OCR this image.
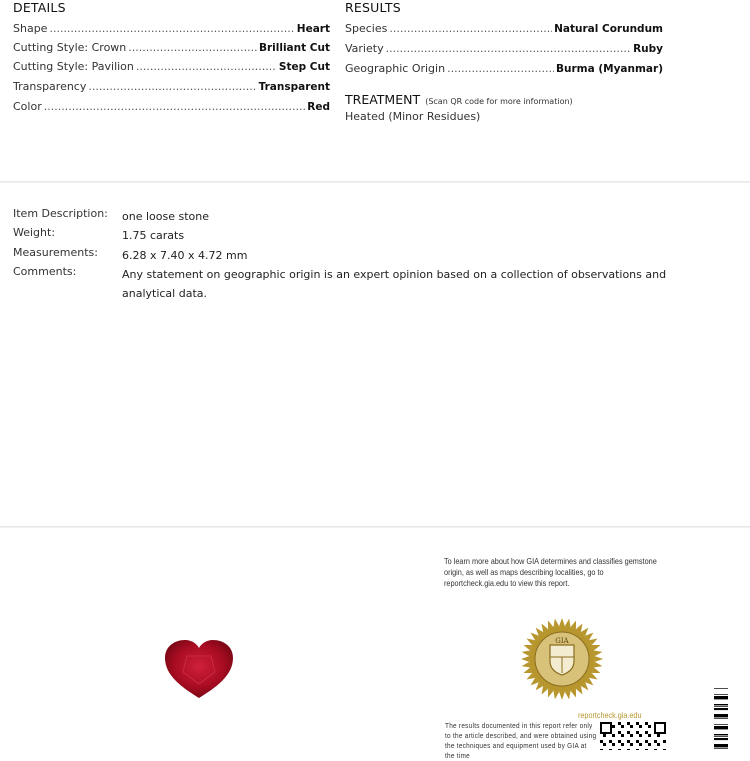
DETAILS
Shape .....	Heart
Cutting Style: Crown .....	Brilliant Cut
Cutting Style: Pavilion .....	Step Cut
Transparency .....	Transparent
Color .....	Red
RESULTS
Species .....	Natural Corundum
Variety .....	Ruby
Geographic Origin .....	Burma (Myanmar)
TREATMENT (Scan QR code for more information)
Heated (Minor Residues)
Item Description:	one loose stone
Weight:	1.75 carats
Measurements:	6.28 x 7.40 x 4.72 mm
Comments:	Any statement on geographic origin is an expert opinion based on a collection of observations and analytical data.
To learn more about how GIA determines and classifies gemstone origin, as well as maps describing localities, go to reportcheck.gia.edu to view this report.
GIA
reportcheck.gia.edu
The results documented in this report refer only to the article described, and were obtained using the techniques and equipment used by GIA at the time
